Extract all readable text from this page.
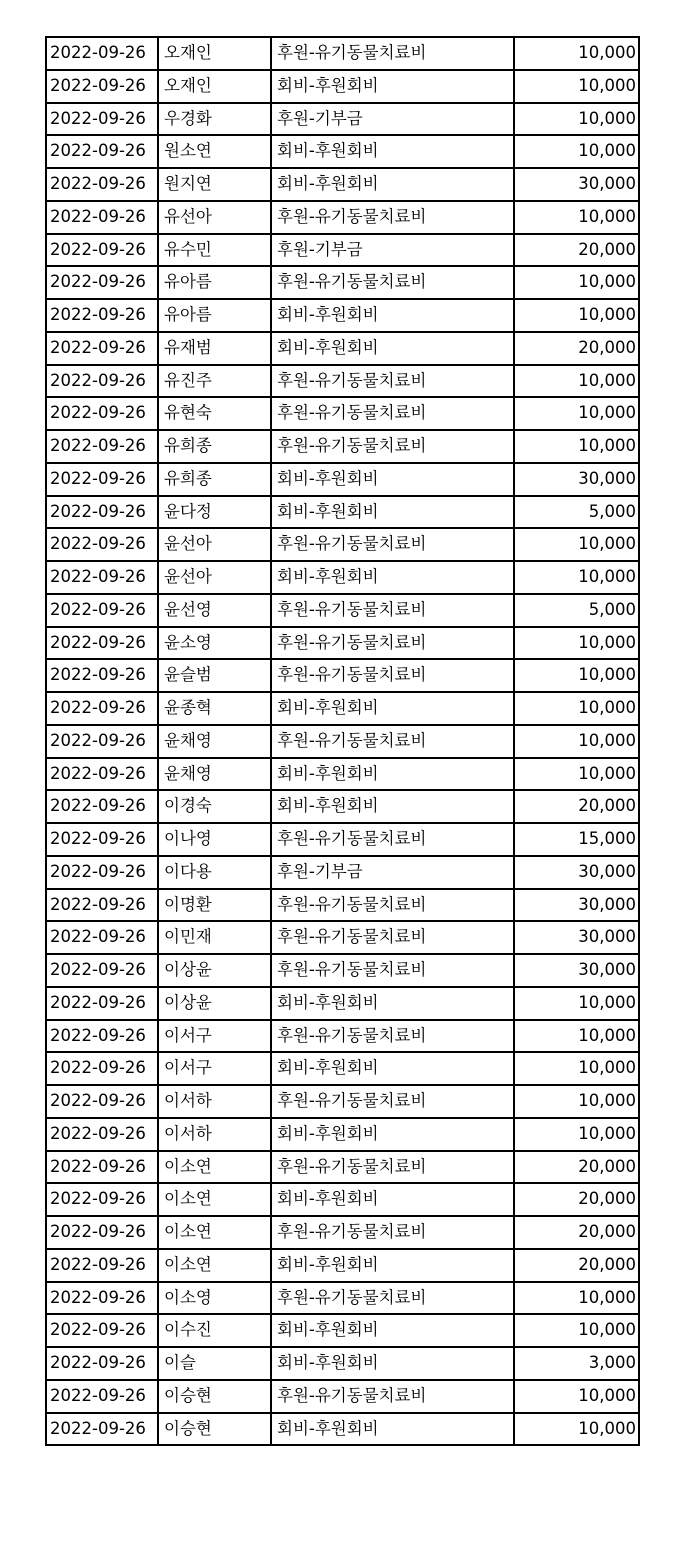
2022-09-26	오재인	후원-유기동물치료비	10,000
2022-09-26	오재인	회비-후원회비	10,000
2022-09-26	우경화	후원-기부금	10,000
2022-09-26	원소연	회비-후원회비	10,000
2022-09-26	원지연	회비-후원회비	30,000
2022-09-26	유선아	후원-유기동물치료비	10,000
2022-09-26	유수민	후원-기부금	20,000
2022-09-26	유아름	후원-유기동물치료비	10,000
2022-09-26	유아름	회비-후원회비	10,000
2022-09-26	유재범	회비-후원회비	20,000
2022-09-26	유진주	후원-유기동물치료비	10,000
2022-09-26	유현숙	후원-유기동물치료비	10,000
2022-09-26	유희종	후원-유기동물치료비	10,000
2022-09-26	유희종	회비-후원회비	30,000
2022-09-26	윤다정	회비-후원회비	5,000
2022-09-26	윤선아	후원-유기동물치료비	10,000
2022-09-26	윤선아	회비-후원회비	10,000
2022-09-26	윤선영	후원-유기동물치료비	5,000
2022-09-26	윤소영	후원-유기동물치료비	10,000
2022-09-26	윤슬범	후원-유기동물치료비	10,000
2022-09-26	윤종혁	회비-후원회비	10,000
2022-09-26	윤채영	후원-유기동물치료비	10,000
2022-09-26	윤채영	회비-후원회비	10,000
2022-09-26	이경숙	회비-후원회비	20,000
2022-09-26	이나영	후원-유기동물치료비	15,000
2022-09-26	이다용	후원-기부금	30,000
2022-09-26	이명환	후원-유기동물치료비	30,000
2022-09-26	이민재	후원-유기동물치료비	30,000
2022-09-26	이상윤	후원-유기동물치료비	30,000
2022-09-26	이상윤	회비-후원회비	10,000
2022-09-26	이서구	후원-유기동물치료비	10,000
2022-09-26	이서구	회비-후원회비	10,000
2022-09-26	이서하	후원-유기동물치료비	10,000
2022-09-26	이서하	회비-후원회비	10,000
2022-09-26	이소연	후원-유기동물치료비	20,000
2022-09-26	이소연	회비-후원회비	20,000
2022-09-26	이소연	후원-유기동물치료비	20,000
2022-09-26	이소연	회비-후원회비	20,000
2022-09-26	이소영	후원-유기동물치료비	10,000
2022-09-26	이수진	회비-후원회비	10,000
2022-09-26	이슬	회비-후원회비	3,000
2022-09-26	이승현	후원-유기동물치료비	10,000
2022-09-26	이승현	회비-후원회비	10,000
